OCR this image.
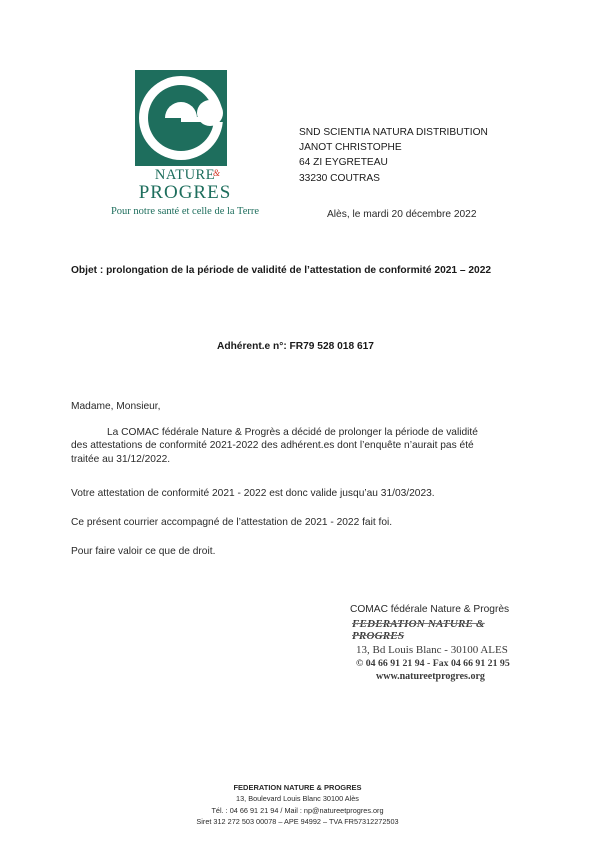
NATURE
&
PROGRES
Pour notre santé et celle de la Terre
SND SCIENTIA NATURA DISTRIBUTION
JANOT CHRISTOPHE
64 ZI EYGRETEAU
33230 COUTRAS
Alès, le mardi 20 décembre 2022
Objet : prolongation de la période de validité de l’attestation de conformité 2021 – 2022
Adhérent.e n°: FR79 528 018 617
Madame, Monsieur,
La COMAC fédérale Nature & Progrès a décidé de prolonger la période de validité
des attestations de conformité 2021-2022 des adhérent.es dont l’enquête n’aurait pas été
traitée au 31/12/2022.
Votre attestation de conformité 2021 - 2022 est donc valide jusqu’au 31/03/2023.
Ce présent courrier accompagné de l’attestation de 2021 - 2022 fait foi.
Pour faire valoir ce que de droit.
COMAC fédérale Nature & Progrès
FEDERATION NATURE & PROGRES
13, Bd Louis Blanc - 30100 ALES
© 04 66 91 21 94 - Fax 04 66 91 21 95
www.natureetprogres.org
FEDERATION NATURE & PROGRES
13, Boulevard Louis Blanc 30100 Alès
Tél. : 04 66 91 21 94 / Mail : np@natureetprogres.org
Siret 312 272 503 00078 – APE 94992 – TVA FR57312272503
